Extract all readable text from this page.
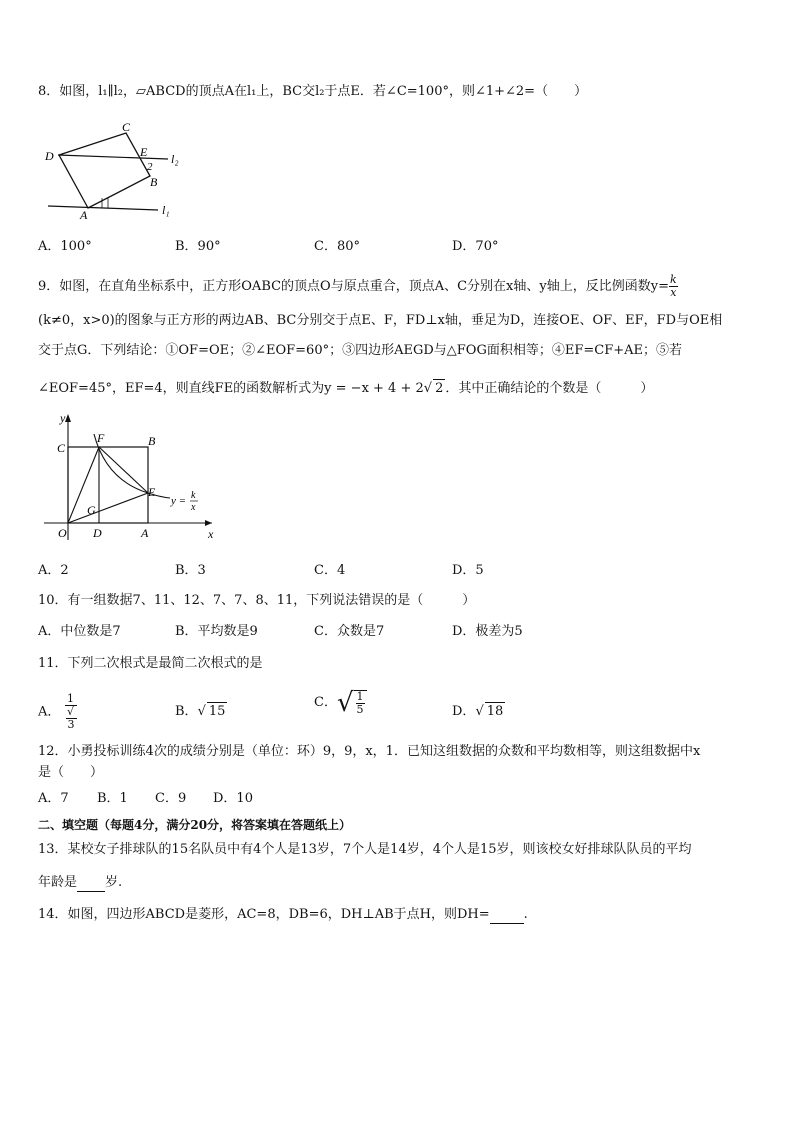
8．如图，l₁∥l₂，▱ABCD的顶点A在l₁上，BC交l₂于点E．若∠C=100°，则∠1+∠2=（　　）
C
D	E
2
B
A	l₁
l₂
A．100°	B．90°	C．80°	D．70°
9．如图，在直角坐标系中，正方形OABC的顶点O与原点重合，顶点A、C分别在x轴、y轴上，反比例函数$y= \frac{k}{x}$
(k≠0，x>0)的图象与正方形的两边AB、BC分别交于点E、F，FD⊥x轴，垂足为D，连接OE、OF、EF，FD与OE相
交于点G．下列结论：①OF=OE；②∠EOF=60°；③四边形AEGD与△FOG面积相等；④EF=CF+AE；⑤若
∠EOF=45°，EF=4，则直线FE的函数解析式为y = −x + 4 + 2√ 2 ．其中正确结论的个数是（　　　）
y
x
C
F	B
E
G
O D	A
y = k
x
A．2	B．3	C．4	D．5
10．有一组数据7、11、12、7、7、8、11，下列说法错误的是（　　　）
A．中位数是7	B．平均数是9	C．众数是7	D．极差为5
11．下列二次根式是最简二次根式的是
A． 1
√
3	B．√ 15
C．√ $\frac{1}{5}$	D．√ 18
12．小勇投标训练4次的成绩分别是（单位：环）9，9，x，1．已知这组数据的众数和平均数相等，则这组数据中x
是（　　）
A．7 B．1 C．9 D．10
二、填空题（每题4分，满分20分，将答案填在答题纸上）
13．某校女子排球队的15名队员中有4个人是13岁，7个人是14岁，4个人是15岁，则该校女好排球队队员的平均
年龄是 岁.
14．如图，四边形ABCD是菱形，AC=8，DB=6，DH⊥AB于点H，则DH=	.
